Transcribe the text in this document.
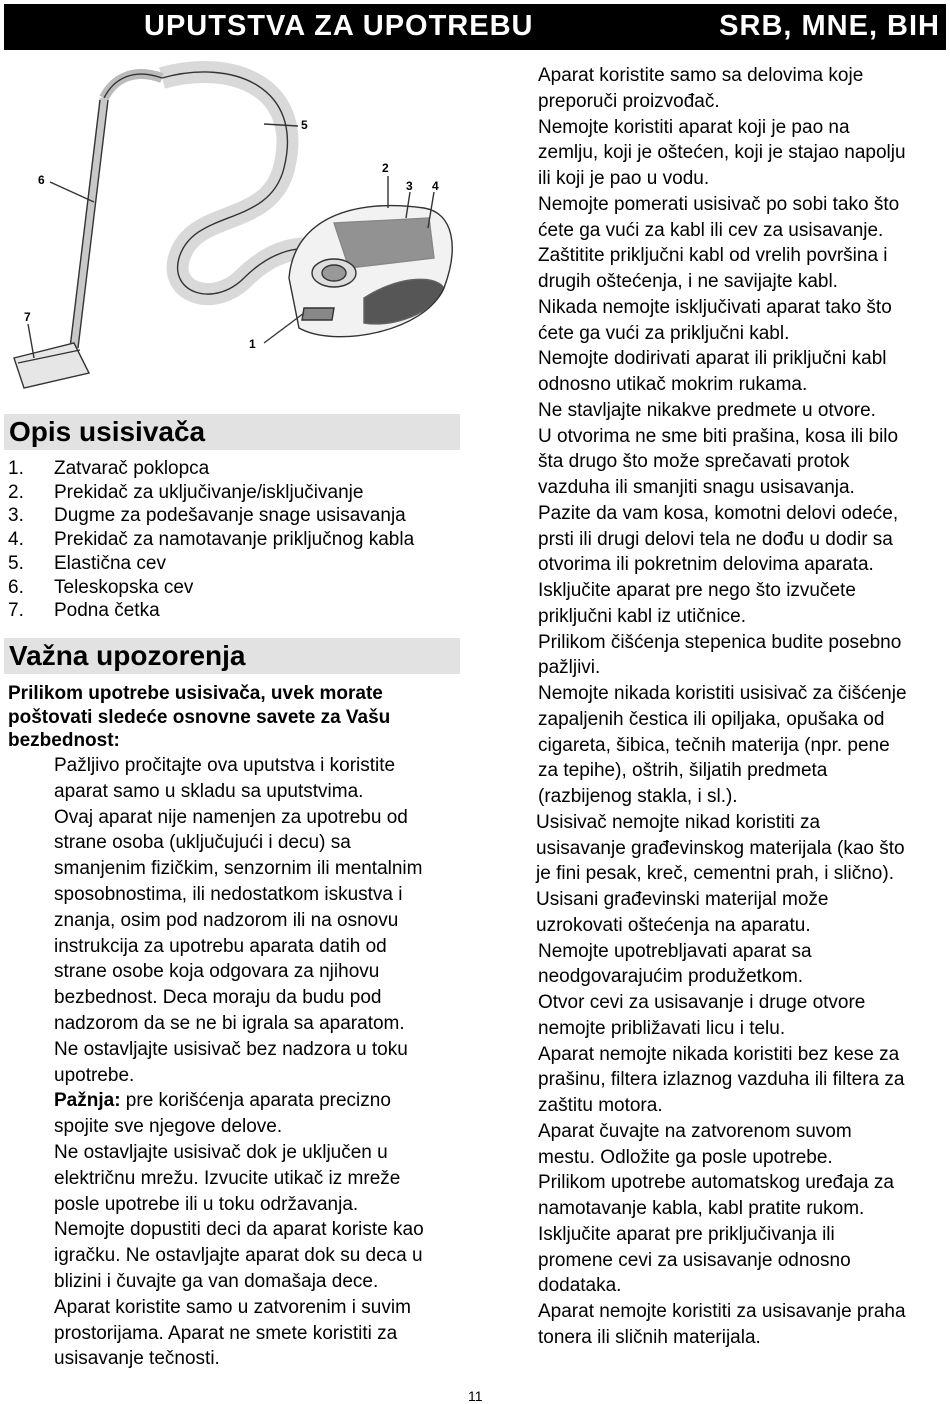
UPUTSTVA ZA UPOTREBU	SRB, MNE, BIH
1
2
3 4
5
6
7
Opis usisivača
1. Zatvarač poklopca
2. Prekidač za uključivanje/isključivanje
3. Dugme za podešavanje snage usisavanja
4. Prekidač za namotavanje priključnog kabla
5. Elastična cev
6. Teleskopska cev
7. Podna četka
Važna upozorenja
Prilikom upotrebe usisivača, uvek morate poštovati sledeće osnovne savete za Vašu bezbednost:
Pažljivo pročitajte ova uputstva i koristite
aparat samo u skladu sa uputstvima.
Ovaj aparat nije namenjen za upotrebu od
strane osoba (uključujući i decu) sa
smanjenim fizičkim, senzornim ili mentalnim
sposobnostima, ili nedostatkom iskustva i
znanja, osim pod nadzorom ili na osnovu
instrukcija za upotrebu aparata datih od
strane osobe koja odgovara za njihovu
bezbednost. Deca moraju da budu pod
nadzorom da se ne bi igrala sa aparatom.
Ne ostavljajte usisivač bez nadzora u toku
upotrebe.
Pažnja: pre korišćenja aparata precizno
spojite sve njegove delove.
Ne ostavljajte usisivač dok je uključen u
električnu mrežu. Izvucite utikač iz mreže
posle upotrebe ili u toku održavanja.
Nemojte dopustiti deci da aparat koriste kao
igračku. Ne ostavljajte aparat dok su deca u
blizini i čuvajte ga van domašaja dece.
Aparat koristite samo u zatvorenim i suvim
prostorijama. Aparat ne smete koristiti za
usisavanje tečnosti.
Aparat koristite samo sa delovima koje
preporuči proizvođač.
Nemojte koristiti aparat koji je pao na
zemlju, koji je oštećen, koji je stajao napolju
ili koji je pao u vodu.
Nemojte pomerati usisivač po sobi tako što
ćete ga vući za kabl ili cev za usisavanje.
Zaštitite priključni kabl od vrelih površina i
drugih oštećenja, i ne savijajte kabl.
Nikada nemojte isključivati aparat tako što
ćete ga vući za priključni kabl.
Nemojte dodirivati aparat ili priključni kabl
odnosno utikač mokrim rukama.
Ne stavljajte nikakve predmete u otvore.
U otvorima ne sme biti prašina, kosa ili bilo
šta drugo što može sprečavati protok
vazduha ili smanjiti snagu usisavanja.
Pazite da vam kosa, komotni delovi odeće,
prsti ili drugi delovi tela ne dođu u dodir sa
otvorima ili pokretnim delovima aparata.
Isključite aparat pre nego što izvučete
priključni kabl iz utičnice.
Prilikom čišćenja stepenica budite posebno
pažljivi.
Nemojte nikada koristiti usisivač za čišćenje
zapaljenih čestica ili opiljaka, opušaka od
cigareta, šibica, tečnih materija (npr. pene
za tepihe), oštrih, šiljatih predmeta
(razbijenog stakla, i sl.).
Usisivač nemojte nikad koristiti za
usisavanje građevinskog materijala (kao što
je fini pesak, kreč, cementni prah, i slično).
Usisani građevinski materijal može
uzrokovati oštećenja na aparatu.
Nemojte upotrebljavati aparat sa
neodgovarajućim produžetkom.
Otvor cevi za usisavanje i druge otvore
nemojte približavati licu i telu.
Aparat nemojte nikada koristiti bez kese za
prašinu, filtera izlaznog vazduha ili filtera za
zaštitu motora.
Aparat čuvajte na zatvorenom suvom
mestu. Odložite ga posle upotrebe.
Prilikom upotrebe automatskog uređaja za
namotavanje kabla, kabl pratite rukom.
Isključite aparat pre priključivanja ili
promene cevi za usisavanje odnosno
dodataka.
Aparat nemojte koristiti za usisavanje praha
tonera ili sličnih materijala.
11
